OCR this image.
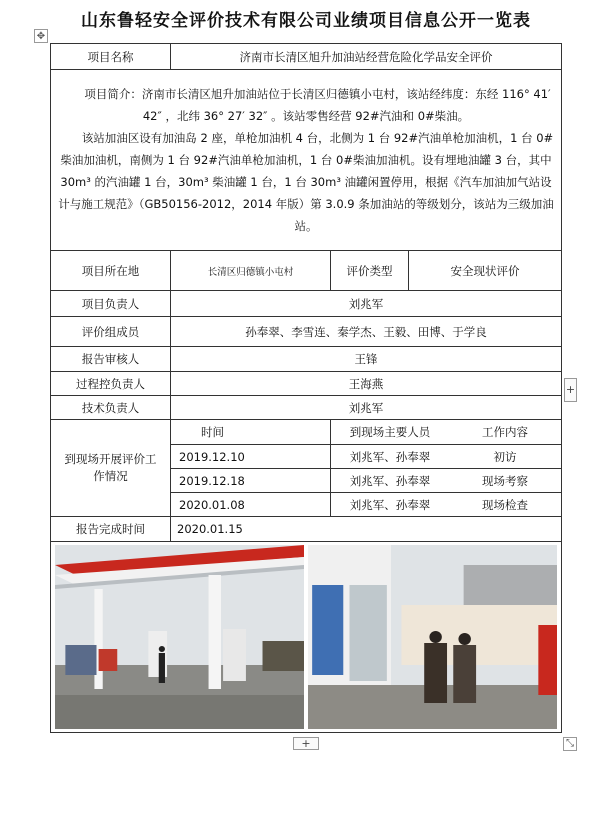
山东鲁轻安全评价技术有限公司业绩项目信息公开一览表
✥
项目名称	济南市长清区旭升加油站经营危险化学品安全评价		

项目简介：济南市长清区旭升加油站位于长清区归德镇小屯村，该站经纬度：东经 116° 41′ 42″ ，北纬 36° 27′ 32″ 。该站零售经营 92#汽油和 0#柴油。

该站加油区设有加油岛 2 座，单枪加油机 4 台，北侧为 1 台 92#汽油单枪加油机，1 台 0#柴油加油机，南侧为 1 台 92#汽油单枪加油机，1 台 0#柴油加油机。设有埋地油罐 3 台，其中 30m³ 的汽油罐 1 台，30m³ 柴油罐 1 台，1 台 30m³ 油罐闲置停用，根据《汽车加油加气站设计与施工规范》（GB50156-2012，2014 年版）第 3.0.9 条加油站的等级划分，该站为三级加油站。			

项目所在地	长清区归德镇小屯村	评价类型	安全现状评价
项目负责人	刘兆军		
评价组成员	孙奉翠、李雪连、秦学杰、王毅、田博、于学良		
报告审核人	王锋		
过程控负责人	王海燕		
技术负责人	刘兆军		
到现场开展评价工作情况	时间	到现场主要人员 工作内容	

	2019.12.10	刘兆军、孙奉翠 初访	

	2019.12.18	刘兆军、孙奉翠 现场考察	

	2020.01.08	刘兆军、孙奉翠 现场检查	

报告完成时间	2020.01.15		

+
+	⤡
